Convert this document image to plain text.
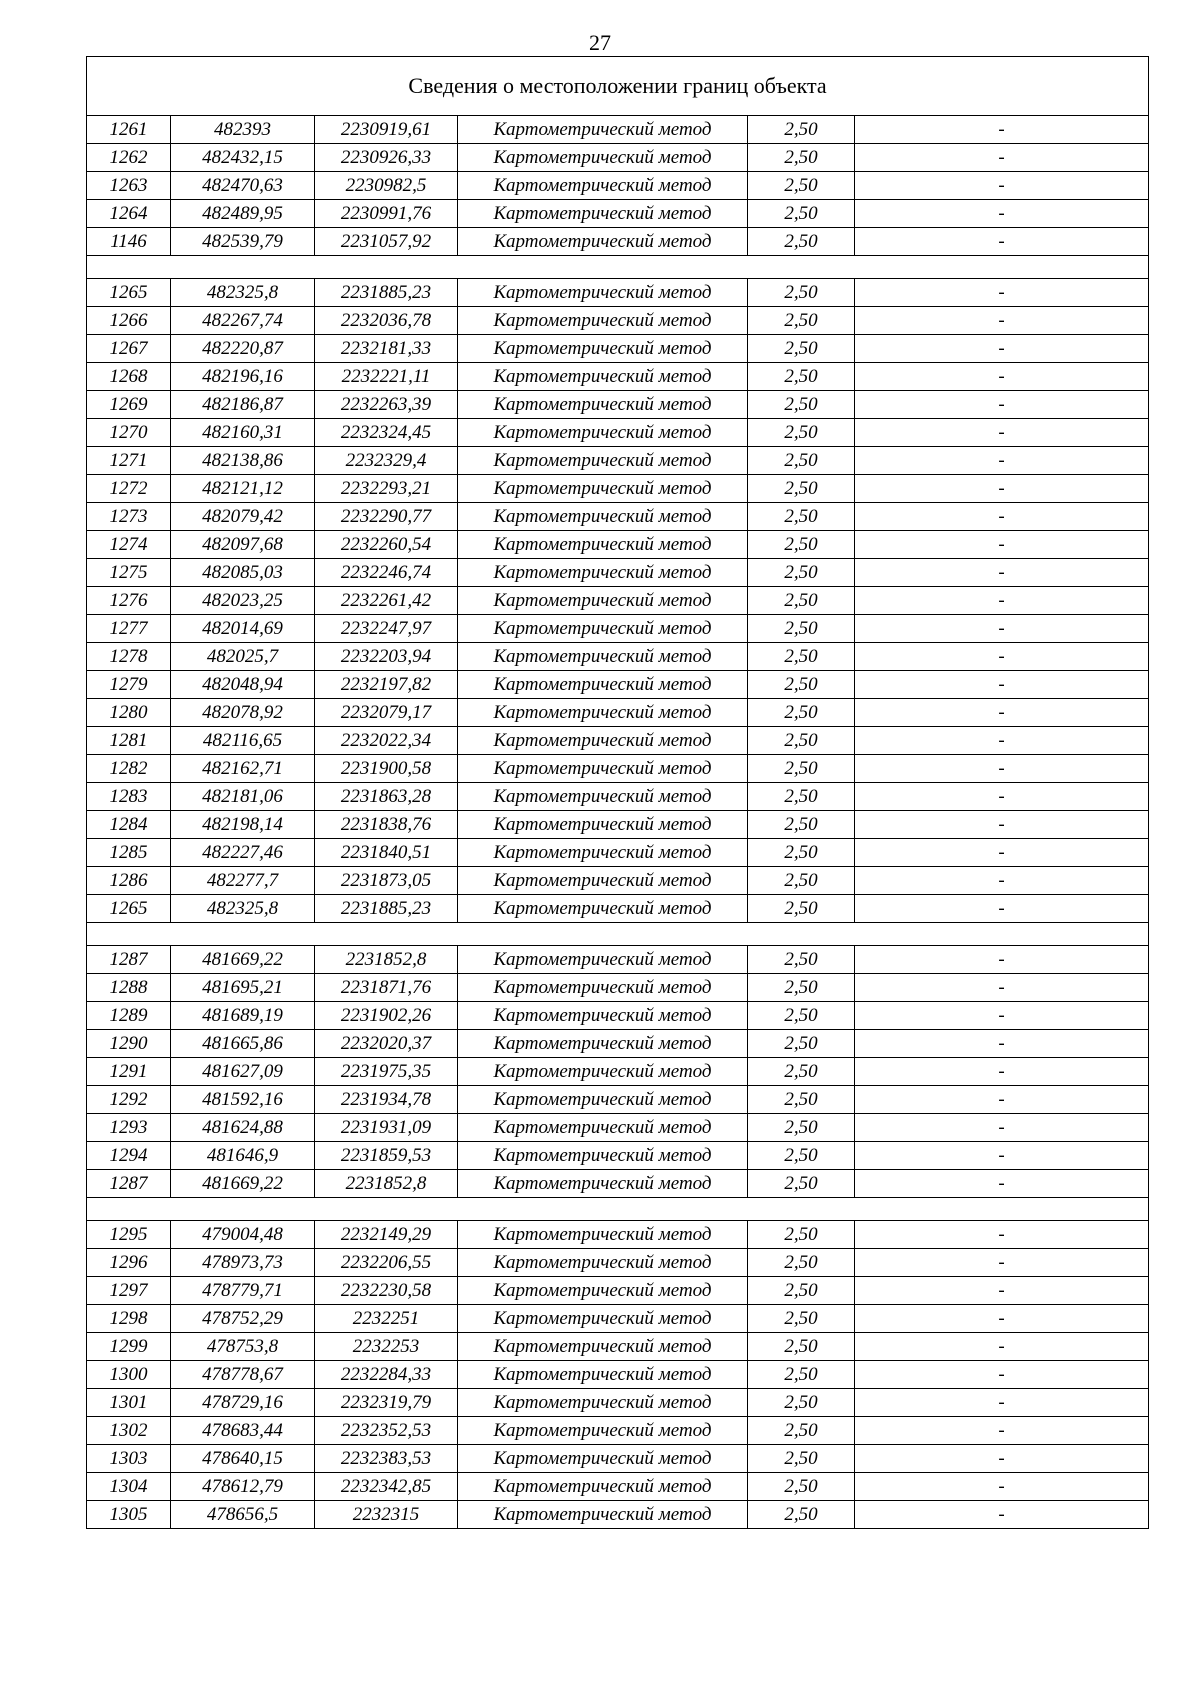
27
Сведения о местоположении границ объекта					
1261	482393	2230919,61	Картометрический метод	2,50	-
1262	482432,15	2230926,33	Картометрический метод	2,50	-
1263	482470,63	2230982,5	Картометрический метод	2,50	-
1264	482489,95	2230991,76	Картометрический метод	2,50	-
1146	482539,79	2231057,92	Картометрический метод	2,50	-

1265	482325,8	2231885,23	Картометрический метод	2,50	-
1266	482267,74	2232036,78	Картометрический метод	2,50	-
1267	482220,87	2232181,33	Картометрический метод	2,50	-
1268	482196,16	2232221,11	Картометрический метод	2,50	-
1269	482186,87	2232263,39	Картометрический метод	2,50	-
1270	482160,31	2232324,45	Картометрический метод	2,50	-
1271	482138,86	2232329,4	Картометрический метод	2,50	-
1272	482121,12	2232293,21	Картометрический метод	2,50	-
1273	482079,42	2232290,77	Картометрический метод	2,50	-
1274	482097,68	2232260,54	Картометрический метод	2,50	-
1275	482085,03	2232246,74	Картометрический метод	2,50	-
1276	482023,25	2232261,42	Картометрический метод	2,50	-
1277	482014,69	2232247,97	Картометрический метод	2,50	-
1278	482025,7	2232203,94	Картометрический метод	2,50	-
1279	482048,94	2232197,82	Картометрический метод	2,50	-
1280	482078,92	2232079,17	Картометрический метод	2,50	-
1281	482116,65	2232022,34	Картометрический метод	2,50	-
1282	482162,71	2231900,58	Картометрический метод	2,50	-
1283	482181,06	2231863,28	Картометрический метод	2,50	-
1284	482198,14	2231838,76	Картометрический метод	2,50	-
1285	482227,46	2231840,51	Картометрический метод	2,50	-
1286	482277,7	2231873,05	Картометрический метод	2,50	-
1265	482325,8	2231885,23	Картометрический метод	2,50	-

1287	481669,22	2231852,8	Картометрический метод	2,50	-
1288	481695,21	2231871,76	Картометрический метод	2,50	-
1289	481689,19	2231902,26	Картометрический метод	2,50	-
1290	481665,86	2232020,37	Картометрический метод	2,50	-
1291	481627,09	2231975,35	Картометрический метод	2,50	-
1292	481592,16	2231934,78	Картометрический метод	2,50	-
1293	481624,88	2231931,09	Картометрический метод	2,50	-
1294	481646,9	2231859,53	Картометрический метод	2,50	-
1287	481669,22	2231852,8	Картометрический метод	2,50	-

1295	479004,48	2232149,29	Картометрический метод	2,50	-
1296	478973,73	2232206,55	Картометрический метод	2,50	-
1297	478779,71	2232230,58	Картометрический метод	2,50	-
1298	478752,29	2232251	Картометрический метод	2,50	-
1299	478753,8	2232253	Картометрический метод	2,50	-
1300	478778,67	2232284,33	Картометрический метод	2,50	-
1301	478729,16	2232319,79	Картометрический метод	2,50	-
1302	478683,44	2232352,53	Картометрический метод	2,50	-
1303	478640,15	2232383,53	Картометрический метод	2,50	-
1304	478612,79	2232342,85	Картометрический метод	2,50	-
1305	478656,5	2232315	Картометрический метод	2,50	-
